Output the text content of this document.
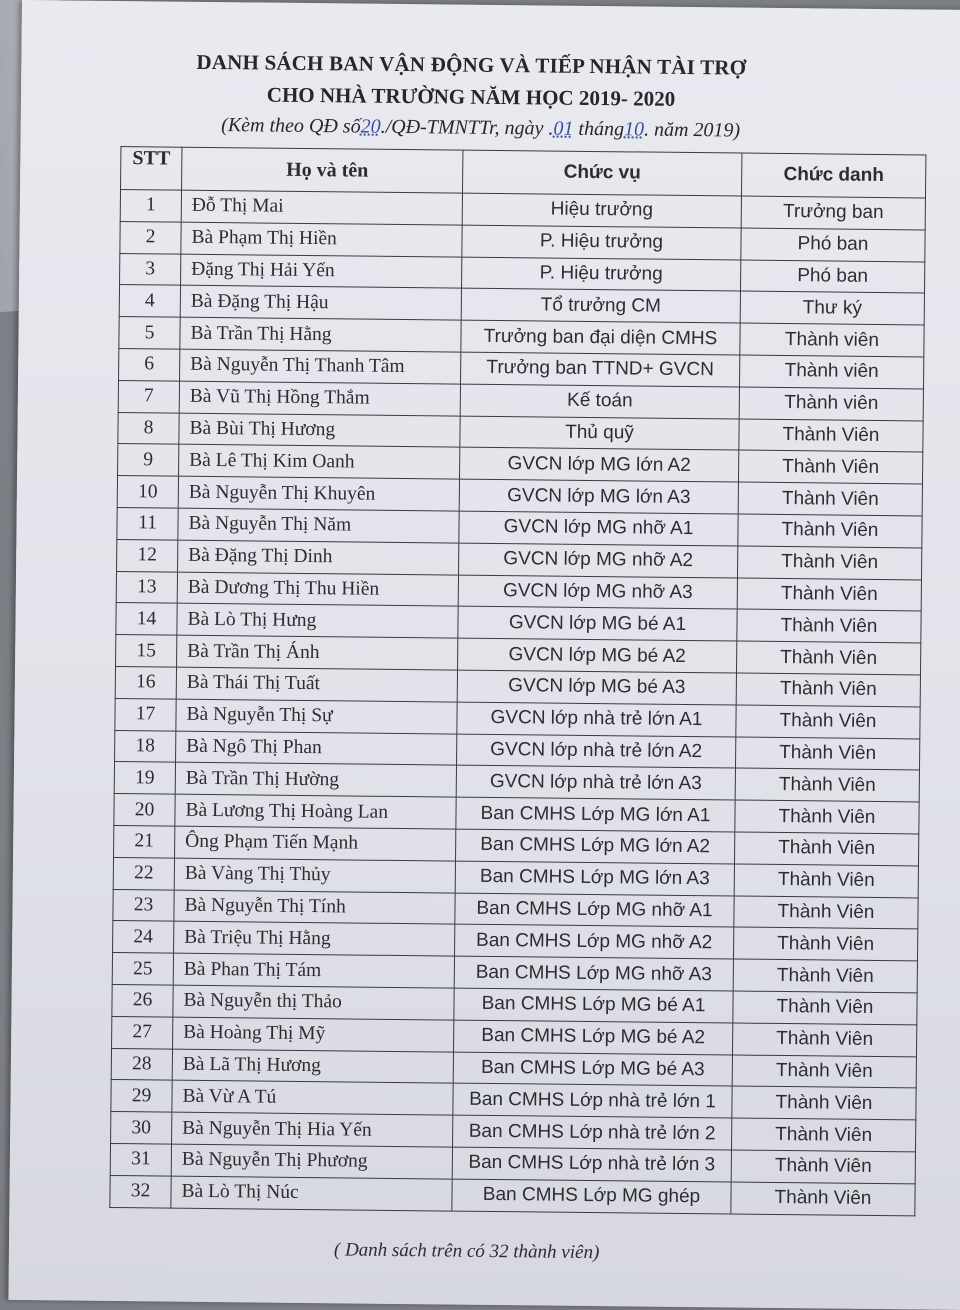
DANH SÁCH BAN VẬN ĐỘNG VÀ TIẾP NHẬN TÀI TRỢ
CHO NHÀ TRƯỜNG NĂM HỌC 2019- 2020
(Kèm theo QĐ số20./QĐ-TMNTTr, ngày .01 tháng10. năm 2019)
STT	Họ và tên	Chức vụ	Chức danh
1	Đỗ Thị Mai	Hiệu trưởng	Trưởng ban
2	Bà Phạm Thị Hiền	P. Hiệu trưởng	Phó ban
3	Đặng Thị Hải Yến	P. Hiệu trưởng	Phó ban
4	Bà Đặng Thị Hậu	Tổ trưởng CM	Thư ký
5	Bà Trần Thị Hằng	Trưởng ban đại diện CMHS	Thành viên
6	Bà Nguyễn Thị Thanh Tâm	Trưởng ban TTND+ GVCN	Thành viên
7	Bà Vũ Thị Hồng Thắm	Kế toán	Thành viên
8	Bà Bùi Thị Hương	Thủ quỹ	Thành Viên
9	Bà Lê Thị Kim Oanh	GVCN lớp MG lớn A2	Thành Viên
10	Bà Nguyễn Thị Khuyên	GVCN lớp MG lớn A3	Thành Viên
11	Bà Nguyễn Thị Năm	GVCN lớp MG nhỡ A1	Thành Viên
12	Bà Đặng Thị Dinh	GVCN lớp MG nhỡ A2	Thành Viên
13	Bà Dương Thị Thu Hiền	GVCN lớp MG nhỡ A3	Thành Viên
14	Bà Lò Thị Hưng	GVCN lớp MG bé A1	Thành Viên
15	Bà Trần Thị Ánh	GVCN lớp MG bé A2	Thành Viên
16	Bà Thái Thị Tuất	GVCN lớp MG bé A3	Thành Viên
17	Bà Nguyễn Thị Sự	GVCN lớp nhà trẻ lớn A1	Thành Viên
18	Bà Ngô Thị Phan	GVCN lớp nhà trẻ lớn A2	Thành Viên
19	Bà Trần Thị Hường	GVCN lớp nhà trẻ lớn A3	Thành Viên
20	Bà Lương Thị Hoàng Lan	Ban CMHS Lớp MG lớn A1	Thành Viên
21	Ông Phạm Tiến Mạnh	Ban CMHS Lớp MG lớn A2	Thành Viên
22	Bà Vàng Thị Thủy	Ban CMHS Lớp MG lớn A3	Thành Viên
23	Bà Nguyễn Thị Tính	Ban CMHS Lớp MG nhỡ A1	Thành Viên
24	Bà Triệu Thị Hằng	Ban CMHS Lớp MG nhỡ A2	Thành Viên
25	Bà Phan Thị Tám	Ban CMHS Lớp MG nhỡ A3	Thành Viên
26	Bà Nguyễn thị Thảo	Ban CMHS Lớp MG bé A1	Thành Viên
27	Bà Hoàng Thị Mỹ	Ban CMHS Lớp MG bé A2	Thành Viên
28	Bà Lã Thị Hương	Ban CMHS Lớp MG bé A3	Thành Viên
29	Bà Vừ A Tú	Ban CMHS Lớp nhà trẻ lớn 1	Thành Viên
30	Bà Nguyễn Thị Hia Yến	Ban CMHS Lớp nhà trẻ lớn 2	Thành Viên
31	Bà Nguyễn Thị Phương	Ban CMHS Lớp nhà trẻ lớn 3	Thành Viên
32	Bà Lò Thị Núc	Ban CMHS Lớp MG ghép	Thành Viên
( Danh sách trên có 32 thành viên)
